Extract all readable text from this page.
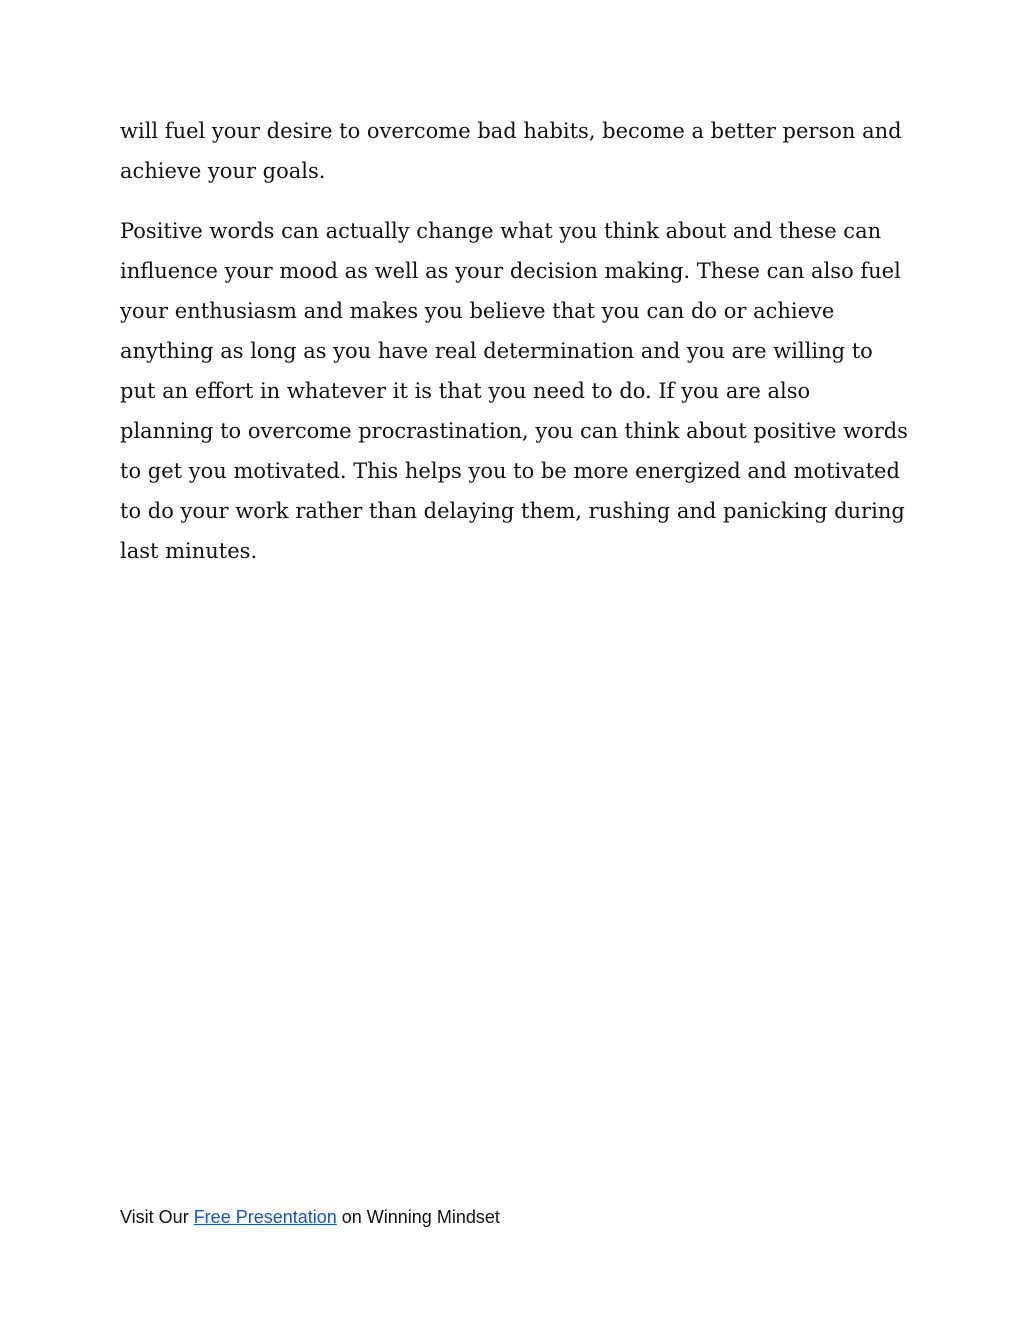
will fuel your desire to overcome bad habits, become a better person and achieve your goals.

Positive words can actually change what you think about and these can influence your mood as well as your decision making. These can also fuel your enthusiasm and makes you believe that you can do or achieve anything as long as you have real determination and you are willing to put an effort in whatever it is that you need to do. If you are also planning to overcome procrastination, you can think about positive words to get you motivated. This helps you to be more energized and motivated to do your work rather than delaying them, rushing and panicking during last minutes.

Visit Our Free Presentation on Winning Mindset
